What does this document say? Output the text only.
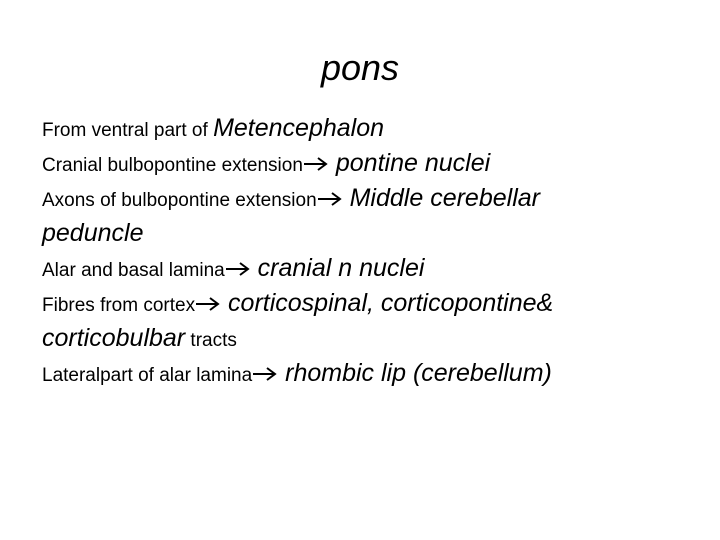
pons
From ventral part of Metencephalon
Cranial bulbopontine extension
pontine nuclei
Axons of bulbopontine extension
Middle cerebellar
peduncle
Alar and basal lamina
cranial n nuclei
Fibres from cortex
corticospinal, corticopontine&
corticobulbar tracts
Lateralpart of alar lamina
rhombic lip (cerebellum)
